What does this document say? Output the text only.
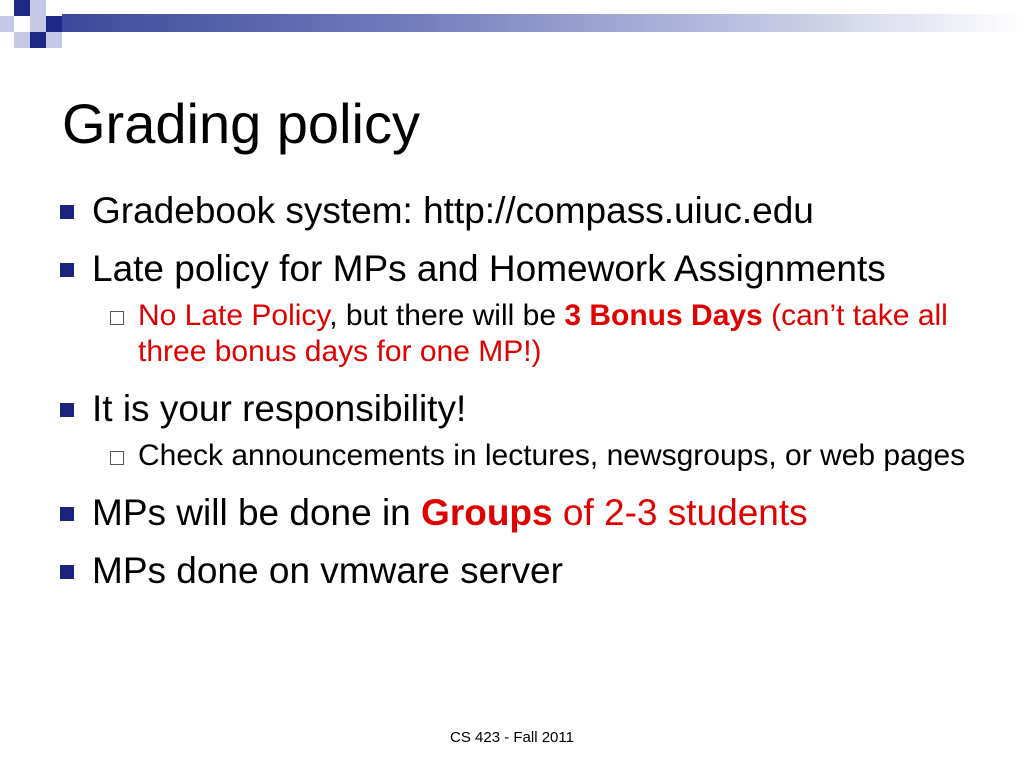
Grading policy
Gradebook system: http://compass.uiuc.edu
Late policy for MPs and Homework Assignments
No Late Policy, but there will be 3 Bonus Days (can’t take all three bonus days for one MP!)
It is your responsibility!
Check announcements in lectures, newsgroups, or web pages
MPs will be done in Groups of 2-3 students
MPs done on vmware server
CS 423 - Fall 2011
